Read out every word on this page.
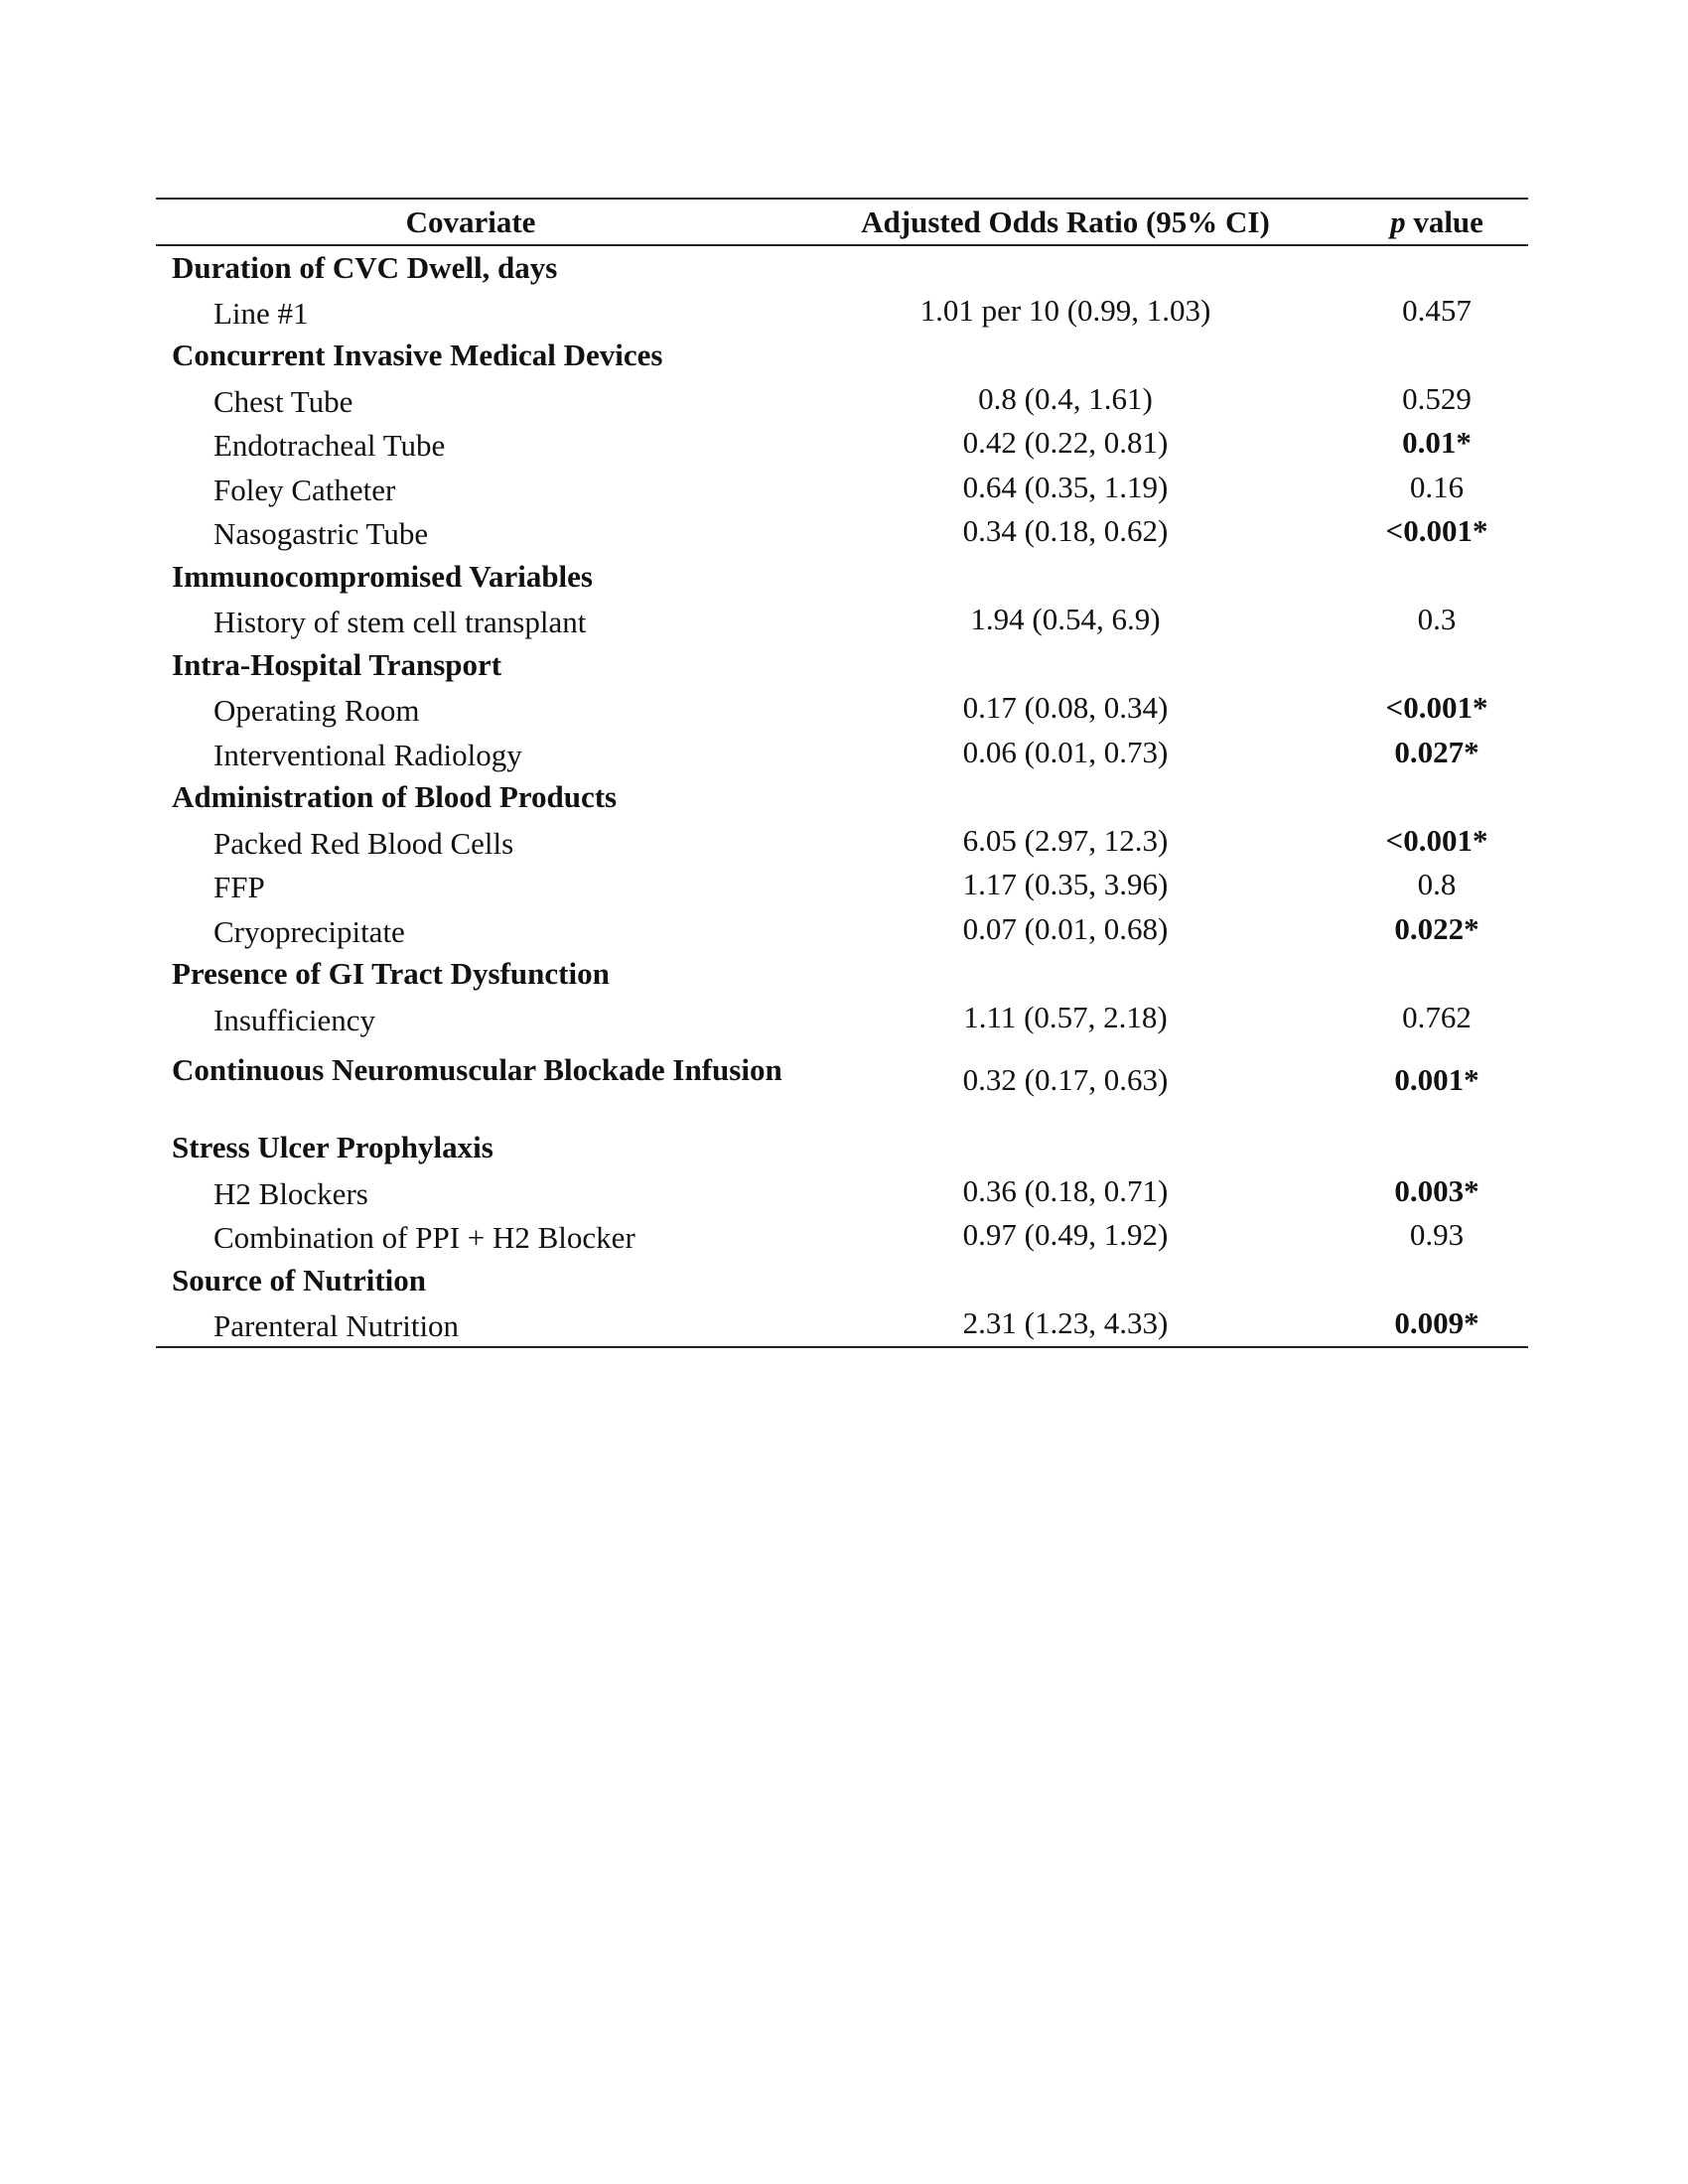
Covariate	Adjusted Odds Ratio (95% CI)	p value
Duration of CVC Dwell, days		
Line #1	1.01 per 10 (0.99, 1.03)	0.457
Concurrent Invasive Medical Devices		
Chest Tube	0.8 (0.4, 1.61)	0.529
Endotracheal Tube	0.42 (0.22, 0.81)	0.01*
Foley Catheter	0.64 (0.35, 1.19)	0.16
Nasogastric Tube	0.34 (0.18, 0.62)	<0.001*
Immunocompromised Variables		
History of stem cell transplant	1.94 (0.54, 6.9)	0.3
Intra-Hospital Transport		
Operating Room	0.17 (0.08, 0.34)	<0.001*
Interventional Radiology	0.06 (0.01, 0.73)	0.027*
Administration of Blood Products		
Packed Red Blood Cells	6.05 (2.97, 12.3)	<0.001*
FFP	1.17 (0.35, 3.96)	0.8
Cryoprecipitate	0.07 (0.01, 0.68)	0.022*
Presence of GI Tract Dysfunction		
Insufficiency	1.11 (0.57, 2.18)	0.762
Continuous Neuromuscular Blockade Infusion	0.32 (0.17, 0.63)	0.001*
Stress Ulcer Prophylaxis		
H2 Blockers	0.36 (0.18, 0.71)	0.003*
Combination of PPI + H2 Blocker	0.97 (0.49, 1.92)	0.93
Source of Nutrition		
Parenteral Nutrition	2.31 (1.23, 4.33)	0.009*
